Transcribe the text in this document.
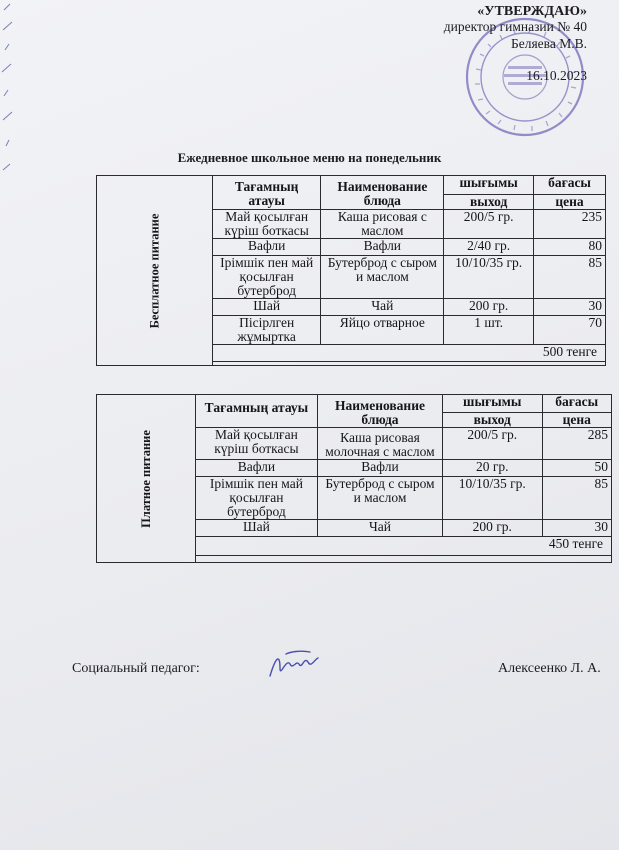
«УТВЕРЖДАЮ»
директор гимназии № 40
Беляева М.В.
16.10.2023
Ежедневное школьное меню на понедельник
Бесплатное питание	Тағамның атауы	Наименование блюда	шығымы	бағасы
			выход	цена
	Май қосылған күріш боткасы	Каша рисовая с маслом	200/5 гр.	235
	Вафли	Вафли	2/40 гр.	80
	Ірімшік пен май қосылған бутерброд	Бутерброд с сыром и маслом	10/10/35 гр.	85
	Шай	Чай	200 гр.	30
	Пісірлген жұмыртка	Яйцо отварное	1 шт.	70
	500 тенге			

Платное питание	Тағамның атауы	Наименование блюда	шығымы	бағасы
			выход	цена
	Май қосылған күріш боткасы	Каша рисовая молочная с маслом	200/5 гр.	285
	Вафли	Вафли	20 гр.	50
	Ірімшік пен май қосылған бутерброд	Бутерброд с сыром и маслом	10/10/35 гр.	85
	Шай	Чай	200 гр.	30
	450 тенге			

Социальный педагог:	Алексеенко Л. А.
